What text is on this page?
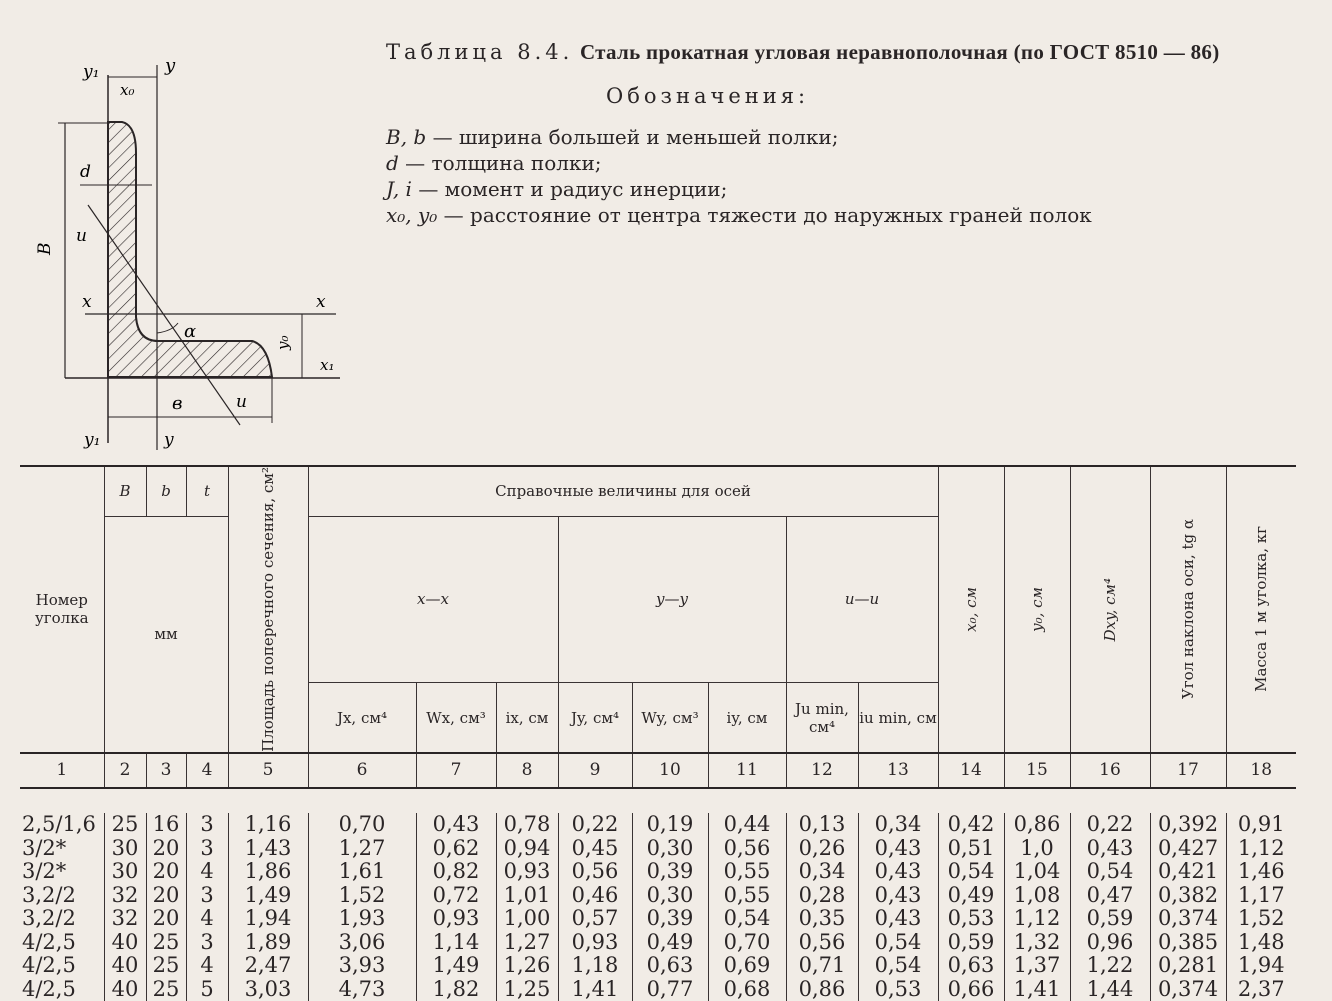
Таблица 8.4. Сталь прокатная угловая неравнополочная (по ГОСТ 8510 — 86)
Обозначения:
B, b — ширина большей и меньшей полки;
d — толщина полки;
J, i — момент и радиус инерции;
x₀, y₀ — расстояние от центра тяжести до наружных граней полок
y₁	y
x₀
d
B
u
x	x
α
y₀
x₁
в	u
y₁	y
Номер уголка	B	b	t	Площадь поперечного сечения, см²	Справочные величины для осей								x₀, см	y₀, см	Dxy, см⁴	Угол наклона оси, tg α	Масса 1 м уголка, кг

	мм				x—x			y—y			u—u						
					Jx, см⁴	Wx, см³	ix, см	Jy, см⁴	Wy, см³	iy, см	Ju min, см⁴	iu min, см					
1	2	3	4	5	6	7	8	9	10	11	12	13	14	15	16	17	18

2,5/1,6	25	16	3	1,16	0,70	0,43	0,78	0,22	0,19	0,44	0,13	0,34	0,42	0,86	0,22	0,392	0,91
3/2*	30	20	3	1,43	1,27	0,62	0,94	0,45	0,30	0,56	0,26	0,43	0,51	1,0	0,43	0,427	1,12
3/2*	30	20	4	1,86	1,61	0,82	0,93	0,56	0,39	0,55	0,34	0,43	0,54	1,04	0,54	0,421	1,46
3,2/2	32	20	3	1,49	1,52	0,72	1,01	0,46	0,30	0,55	0,28	0,43	0,49	1,08	0,47	0,382	1,17
3,2/2	32	20	4	1,94	1,93	0,93	1,00	0,57	0,39	0,54	0,35	0,43	0,53	1,12	0,59	0,374	1,52
4/2,5	40	25	3	1,89	3,06	1,14	1,27	0,93	0,49	0,70	0,56	0,54	0,59	1,32	0,96	0,385	1,48
4/2,5	40	25	4	2,47	3,93	1,49	1,26	1,18	0,63	0,69	0,71	0,54	0,63	1,37	1,22	0,281	1,94
4/2,5	40	25	5	3,03	4,73	1,82	1,25	1,41	0,77	0,68	0,86	0,53	0,66	1,41	1,44	0,374	2,37
